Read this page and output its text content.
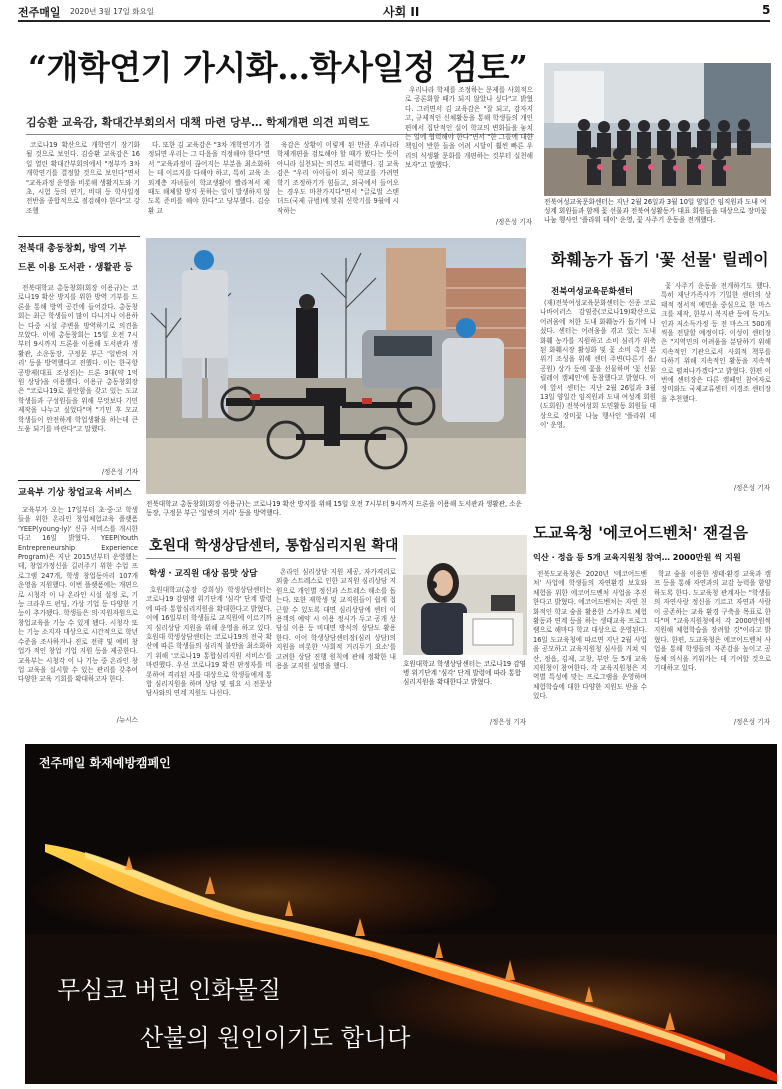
전주매일 2020년 3월 17일 화요일	사회 II	5
“개학연기 가시화…학사일정 검토”
김승환 교육감, 확대간부회의서 대책 마련 당부… 학제개편 의견 피력도

코로나19 확산으로 개학연기 장기화 될 것으로 보인다. 김승환 교육감은 16일 열린 확대간부회의에서 "정부가 3차 개학연기를 결정할 것으로 보인다"면서 "교육과정 운영을 비롯해 생활지도와 기초, 시험 등의 연기, 비대 등 학사일정 전반을 종합적으로 점검해야 한다"고 강조했

다. 또한 김 교육감은 "3차 개학연기가 결정되면 우리는 그 다음을 걱정해야 한다"면서 "교육과정이 끊어지는 부분을 최소화하는 데 이르지를 다해야 하고, 특히 교육 소외계층 자녀들이 학교생활이 빨라져서 제때도 해체할 방지 못하는 일이 발생하지 않도록 준비를 해야 한다"고 당부했다. 김승환 교

육감은 상황이 이렇게 된 만큼 우리나라 학제개편을 검토해야 할 때가 왔다는 뜻이 아니라 실천되는 의견도 피력했다. 김 교육감은 "우리 아이들이 외국 학교를 가려면 학기 조정하기가 힘들고, 외국에서 들어오는 경우도 마찬가지다"면서 "글로벌 스탠더드(국제 규범)에 맞춰 신학기를 9월에 시작하는

우리나라 학제를 조정하는 문제를 사회적으로 공론화할 때가 되지 않았나 싶다"고 밝혔다. 그러면서 김 교육감은 "잘 되고, 감자지고, 규제적인 신체활동을 통해 학생들의 개인 편에서 집단적인 실어 학교의 변화들을 놓치는 일에 협력해야 한다"면서 "한 그들에 대한 책임이 반한 들을 어려 시달이 훨씬 빠른 우리의 식생활 문화를 개편하는 것부터 실천해보자"고 말했다.

/정은성 기자
전북여성교육문화센터는 지난 2월 26일과 3월 10일 양일간 임직원과 도내 여성계 회원들과 함께 꽃 선물과 전북여성활동가 대표 회원들을 대상으로 장미꽃 나눔 행사인 '플라워 데이' 운영, 꽃 사주기 운동을 전개했다.
화훼농가 돕기 '꽃 선물' 릴레이
전북여성교육문화센터

(재)전북여성교육문화센터는 신종 코로나바이러스 감염증(코로나19)확산으로 어려움에 처한 도내 화훼농가 돕기에 나섰다. 센터는 어려움을 겪고 있는 도내 화훼 농가를 지원하고 소비 심리가 위축된 화훼시장 활성화 및 꽃 소비 촉진 분위기 조성을 위해 센터 주변(다른기 읍/공원) 상가 등에 꽃을 선물하며 '꽃 선물 릴레이 캠페인'에 동참했다고 밝혔다. 이에 앞서 센터는 지난 2월 26일과 3월 13일 양일간 임직원과 도내 여성계 회원(도회원) 전북여성회 도민활동 회원들 대상으로 장미꽃 나눔 행사인 '플라워 데이' 운영,

꽃 사주기 운동을 전개하기도 했다. 특히 재난가족사가 기밀한 센터의 상태적 정서적 예민을 중심으로 한 마스크를 제작, 한부시 복지관 등에 독거노인과 저소득가정 등 전 마스크 500개씩을 전달할 예정이다. 이성이 센터장은 "지역민의 어려움을 분담하기 위해 지속적인 기관으로서 사회적 책무를 다하기 위해 지속적인 활동을 지속적으로 펼쳐나가겠다"고 밝혔다. 한편 이번에 센터장은 다른 캠페인 참여자로 장미와도 국제교류센터 이경조 센터장을 추천했다.

/정은성 기자
전북대 총동창회, 방역 기부
드론 이용 도서관 · 생활관 등

전북대학교 총동창회(회장 이용규)는 코로나19 확산 방지를 위한 방역 기부를 드론을 통해 방역 공간에 들어갔다. 총동창회는 최근 학생들이 많이 다니거나 이용하는 다중 시설 주변을 방역하기로 의견을 모았다. 이에 총동창회는 15일 오전 7시부터 9시까지 드론을 이용해 도서관과 생활관, 소운동장, 구정문 부근 '일반의 거리' 등을 방역했다고 전했다. 이는 한국항공방제(대표 조성진)는 드론 3대(약 1억원 상당)을 이용했다. 이용규 총동창회장은 "코로나19로 불안함을 갖고 있는 도교 학생들과 구성원들을 위해 무엇보다 기민 제작을 나누고 싶었다"며 "기민 후 모교 학생들이 안전하게 학업생활을 하는데 큰 도움 되기를 바란다"고 말했다.

/정은성 기자
전북대학교 총동창회(회장 이용규)는 코로나19 확산 방지를 위해 15일 오전 7시부터 9시까지 드론을 이용해 도서관과 생활관, 소운동장, 구정문 부근 '일반의 거리' 등을 방역했다.
교육부 기상 창업교육 서비스

교육부가 오는 17일부터 초·중·고 학생들을 위한 온라인 창업체험교육 플랫폼 'YEEP(young-ly)' 신규 서비스를 개시한다고 16일 밝혔다. YEEP(Youth Entrepreneurship Experience Program)은 지난 2015년부터 운영했는데, 창업가정신을 길러주기 위한 수업 프로그램 247개, 학생 창업동아리 107개 운영을 지원했다. 이번 플랫폼에는 개편으로 시청각 이 나 온라인 시설 설정 로, 기능 크라우드 펀딩, 가상 기업 등 다양한 기능이 추가됐다. 학생들은 의·지원자원으로 창업교육을 기능 수 있게 됐다. 시청각 또는 기능 소지자 대상으로 시간적으로 학년 수준을 조사하거나 진로 전략 및 예비 창업가 적인 창업 기업 지원 등을 제공한다. 교육부는 시청각 이 나 기능 중 온라인 창업 교육을 실시할 수 있는 관리를 갖추어 다양한 교육 기회를 확대하고자 한다.

/뉴시스
호원대 학생상담센터, 통합심리지원 확대
학생 · 교직원 대상 몸맛 상담

호원대학교(총장 강희성) 학생상담센터는 코로나19 감염병 위기단계 '심각' 단계 발령에 따라 통합심리지원을 확대한다고 밝혔다. 이에 16일부터 학생들로 교직원에 이르기까지 심리상담 지원을 위해 운영을 하고 있다. 호원대 학생상담센터는 코로나19의 전국 확산에 따른 학생들의 심리적 불안을 최소화하기 위해 '코로나19 통합심리지원 서비스'를 마련했다. 우선 코로나19 확진 판정자를 비롯하여 격리된 자를 대상으로 학생들에게 통합 심리지원을 하며 상담 및 필요 시 전문상담사와의 연계 지원도 나선다.

온라인 심리상담 지원 제공, 자가격리로 외출 스트레스로 인한 교직원 심리상담 지원으로 개인별 정신과 스트레스 해소를 돕는다. 또한 재학생 및 교직원들이 쉽게 접근할 수 있도록 대면 심리상담에 센터 이용객의 예약 시 이용 정시가 두고 공개 상담실 이용 등 비대면 방식의 상담도 활용한다. 이어 학생상담센터장(심리 상담)의 지원을 비롯한 '사회적 거리두기 요소'를 고려한 상담 진행 원칙에 관해 정확한 내용을 교직원 설명을 했다.	호원대학교 학생상담센터는 코로나19 감염병 위기단계 '심각' 단계 발령에 따라 통합심리지원을 확대한다고 밝혔다.
/정은성 기자
도교육청 '에코어드벤처' 잰걸음
익산 · 정읍 등 5개 교육지원청 참여… 2000만원 씩 지원

전북도교육청은 2020년 '에코어드벤처' 사업에 학생들의 자연환경 보호와 체험을 위한 에코어드벤처 사업을 추진한다고 밝혔다. 에코어드벤처는 자연 친화적인 학교 숲을 활용한 스카우트 체험활동과 연계 등을 하는 생태교육 프로그램으로 해마다 학교 대상으로 운영된다. 16일 도교육청에 따르면 지난 2월 사업을 공모하고 교육지원청 심사를 거쳐 익산, 정읍, 김제, 고창, 부안 등 5개 교육지원청이 참여한다. 각 교육지원청은 지역별 특성에 맞는 프로그램을 운영하며 체험학습에 대한 다양한 지원도 받을 수 있다.

학교 숲을 이용한 생태·환경 교육과 캠프 등을 통해 자연과의 교감 능력을 함양하도록 한다. 도교육청 관계자는 "학생들의 자연사랑 정신을 기르고 자연과 사람이 공존하는 교육 환경 구축을 목표로 한다"며 "교육지원청에서 각 2000만원씩 지원해 체험학습을 장려할 것"이라고 밝혔다. 한편, 도교육청은 에코어드벤처 사업을 통해 학생들의 자존감을 높이고 공동체 의식을 키워가는 데 기여할 것으로 기대하고 있다.

/정은성 기자
전주매일 화재예방캠페인
무심코 버린 인화물질
산불의 원인이기도 합니다
